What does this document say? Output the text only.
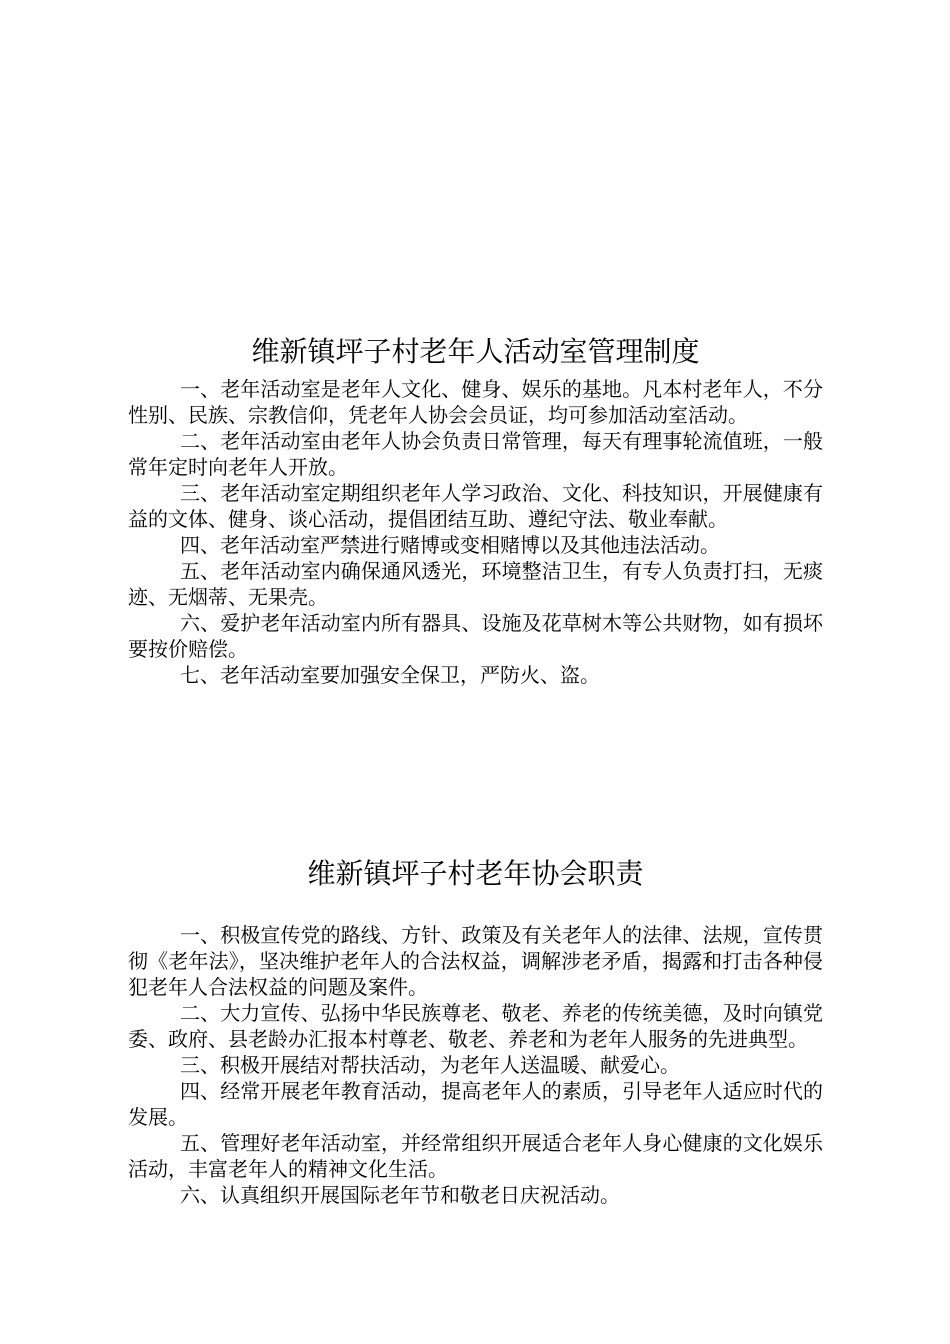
维新镇坪子村老年人活动室管理制度

一、老年活动室是老年人文化、健身、娱乐的基地。凡本村老年人，不分性别、民族、宗教信仰，凭老年人协会会员证，均可参加活动室活动。

二、老年活动室由老年人协会负责日常管理，每天有理事轮流值班，一般常年定时向老年人开放。

三、老年活动室定期组织老年人学习政治、文化、科技知识，开展健康有益的文体、健身、谈心活动，提倡团结互助、遵纪守法、敬业奉献。

四、老年活动室严禁进行赌博或变相赌博以及其他违法活动。

五、老年活动室内确保通风透光，环境整洁卫生，有专人负责打扫，无痰迹、无烟蒂、无果壳。

六、爱护老年活动室内所有器具、设施及花草树木等公共财物，如有损坏要按价赔偿。

七、老年活动室要加强安全保卫，严防火、盗。

维新镇坪子村老年协会职责

一、积极宣传党的路线、方针、政策及有关老年人的法律、法规，宣传贯彻《老年法》，坚决维护老年人的合法权益，调解涉老矛盾，揭露和打击各种侵犯老年人合法权益的问题及案件。

二、大力宣传、弘扬中华民族尊老、敬老、养老的传统美德，及时向镇党委、政府、县老龄办汇报本村尊老、敬老、养老和为老年人服务的先进典型。

三、积极开展结对帮扶活动，为老年人送温暖、献爱心。

四、经常开展老年教育活动，提高老年人的素质，引导老年人适应时代的发展。

五、管理好老年活动室，并经常组织开展适合老年人身心健康的文化娱乐活动，丰富老年人的精神文化生活。

六、认真组织开展国际老年节和敬老日庆祝活动。
